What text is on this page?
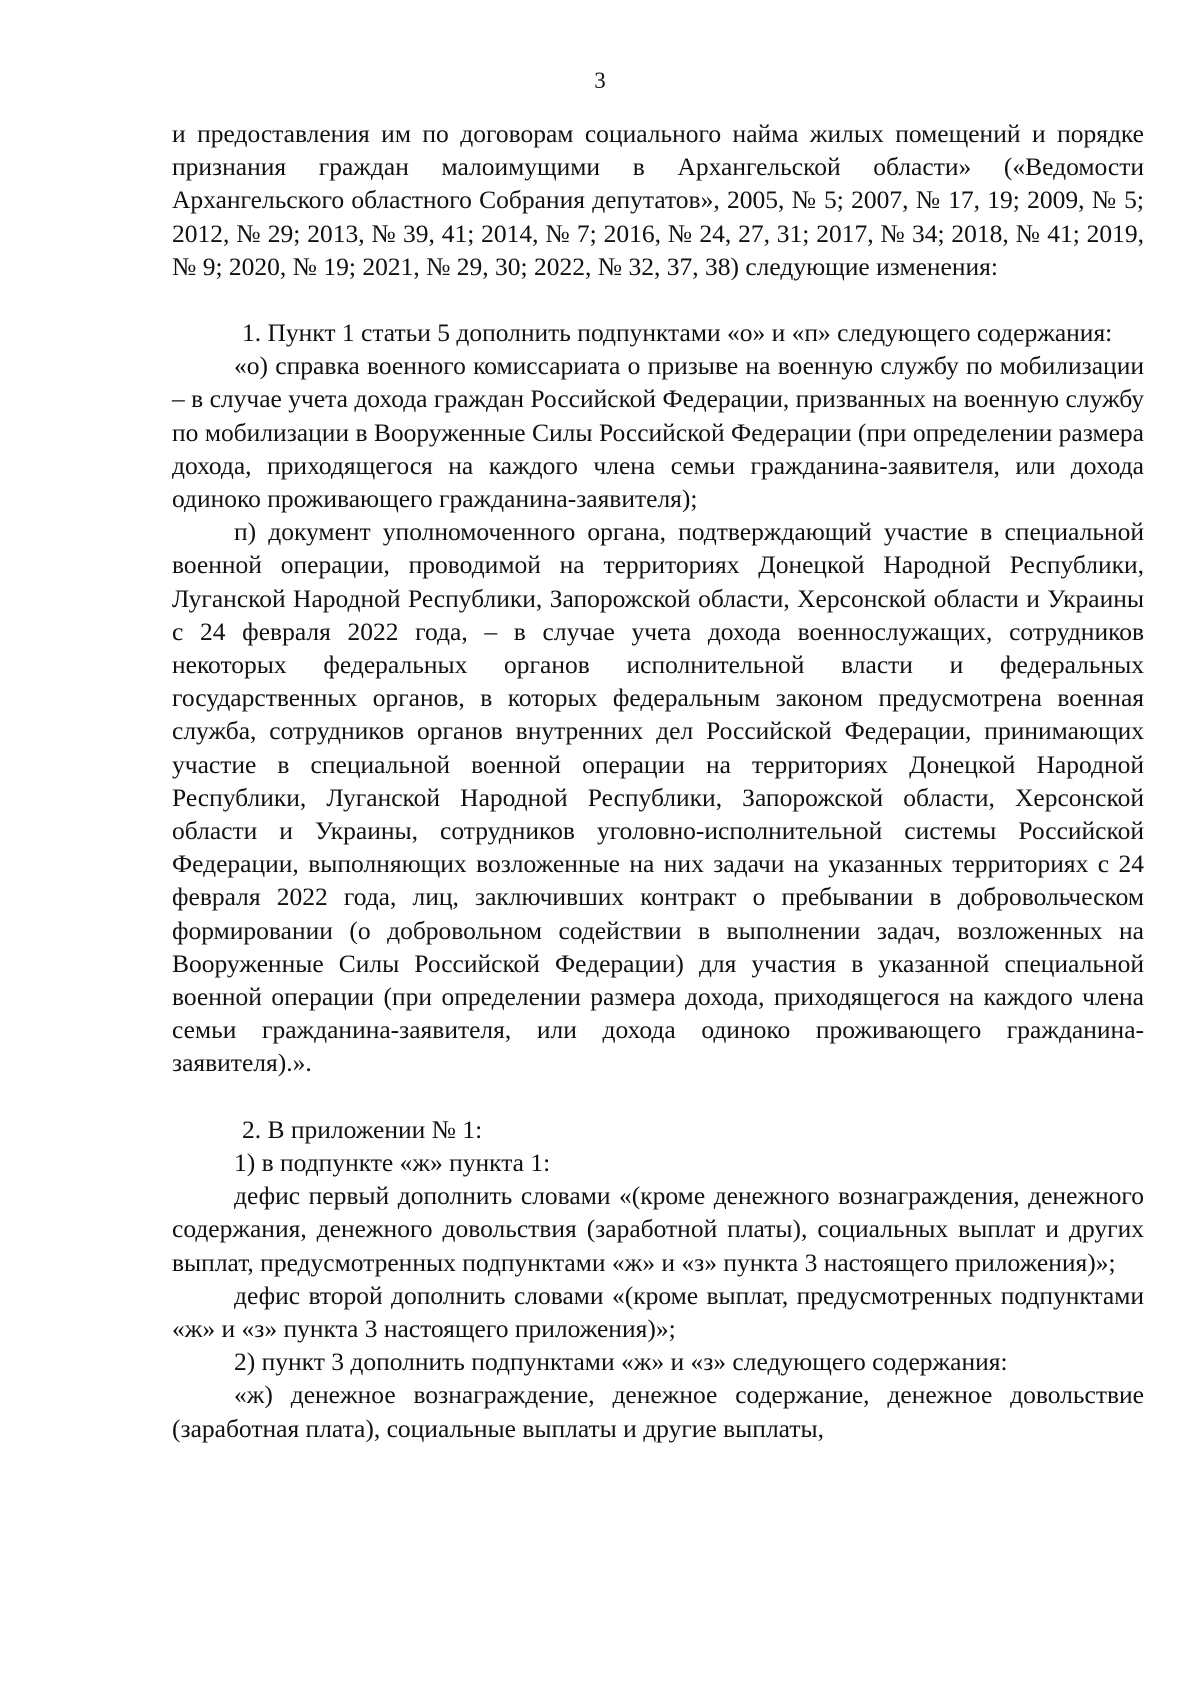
3

и предоставления им по договорам социального найма жилых помещений и порядке признания граждан малоимущими в Архангельской области» («Ведомости Архангельского областного Собрания депутатов», 2005, № 5; 2007, № 17, 19; 2009, № 5; 2012, № 29; 2013, № 39, 41; 2014, № 7; 2016, № 24, 27, 31; 2017, № 34; 2018, № 41; 2019, № 9; 2020, № 19; 2021, № 29, 30; 2022, № 32, 37, 38) следующие изменения:

1. Пункт 1 статьи 5 дополнить подпунктами «о» и «п» следующего содержания:

«о) справка военного комиссариата о призыве на военную службу по мобилизации – в случае учета дохода граждан Российской Федерации, призванных на военную службу по мобилизации в Вооруженные Силы Российской Федерации (при определении размера дохода, приходящегося на каждого члена семьи гражданина-заявителя, или дохода одиноко проживающего гражданина-заявителя);

п) документ уполномоченного органа, подтверждающий участие в специальной военной операции, проводимой на территориях Донецкой Народной Республики, Луганской Народной Республики, Запорожской области, Херсонской области и Украины с 24 февраля 2022 года, – в случае учета дохода военнослужащих, сотрудников некоторых федеральных органов исполнительной власти и федеральных государственных органов, в которых федеральным законом предусмотрена военная служба, сотрудников органов внутренних дел Российской Федерации, принимающих участие в специальной военной операции на территориях Донецкой Народной Республики, Луганской Народной Республики, Запорожской области, Херсонской области и Украины, сотрудников уголовно-исполнительной системы Российской Федерации, выполняющих возложенные на них задачи на указанных территориях с 24 февраля 2022 года, лиц, заключивших контракт о пребывании в добровольческом формировании (о добровольном содействии в выполнении задач, возложенных на Вооруженные Силы Российской Федерации) для участия в указанной специальной военной операции (при определении размера дохода, приходящегося на каждого члена семьи гражданина-заявителя, или дохода одиноко проживающего гражданина-заявителя).».

2. В приложении № 1:

1) в подпункте «ж» пункта 1:

дефис первый дополнить словами «(кроме денежного вознаграждения, денежного содержания, денежного довольствия (заработной платы), социальных выплат и других выплат, предусмотренных подпунктами «ж» и «з» пункта 3 настоящего приложения)»;

дефис второй дополнить словами «(кроме выплат, предусмотренных подпунктами «ж» и «з» пункта 3 настоящего приложения)»;

2) пункт 3 дополнить подпунктами «ж» и «з» следующего содержания:

«ж) денежное вознаграждение, денежное содержание, денежное довольствие (заработная плата), социальные выплаты и другие выплаты,
